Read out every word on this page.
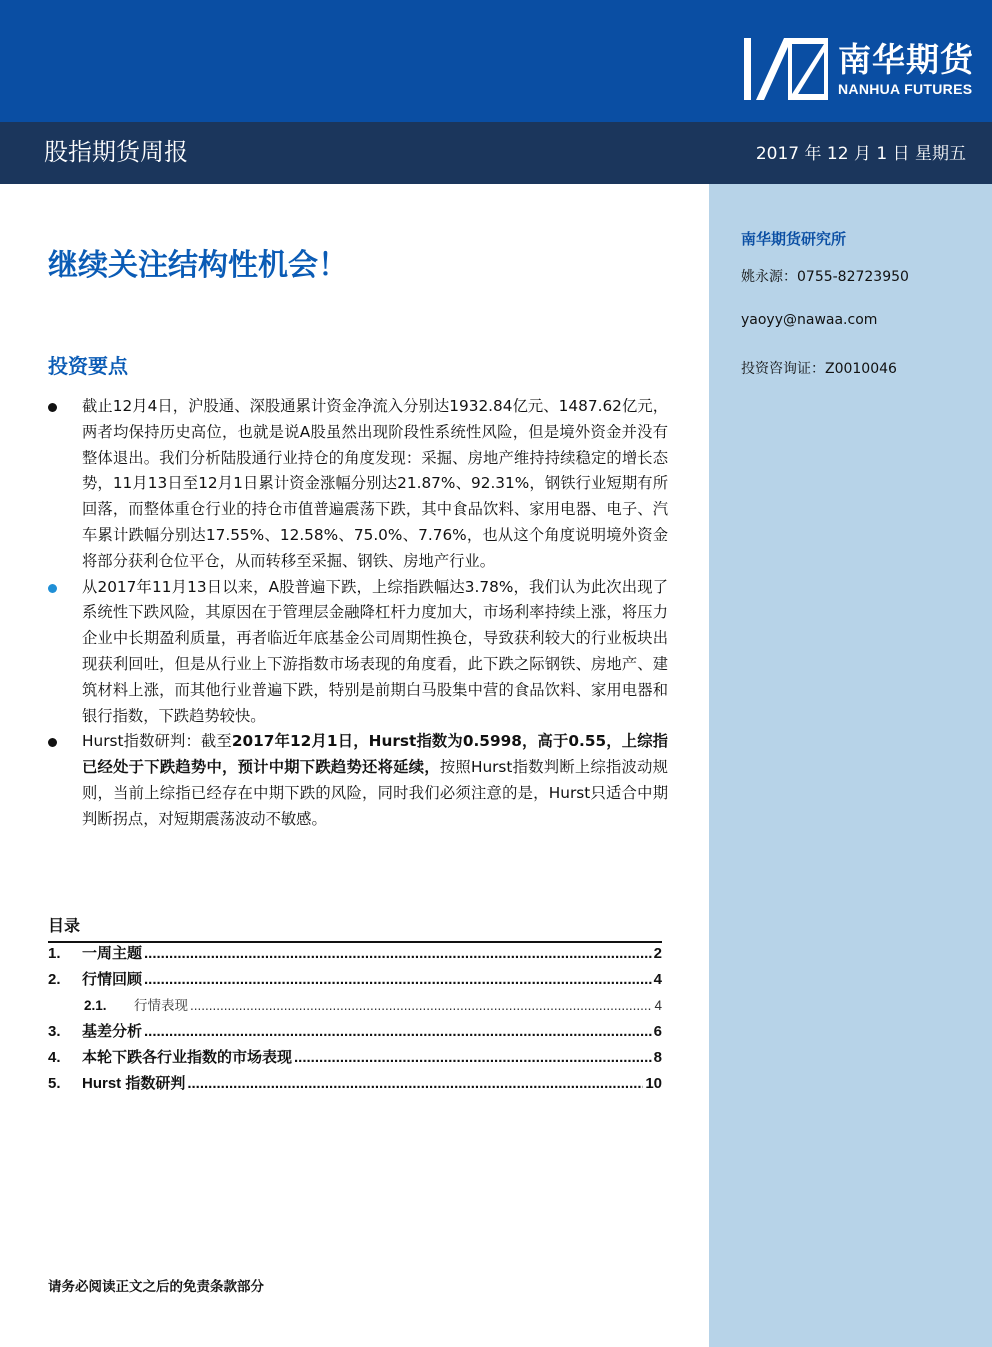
南华期货
NANHUA FUTURES
股指期货周报	2017 年 12 月 1 日 星期五
南华期货研究所
姚永源：0755-82723950
yaoyy@nawaa.com
投资咨询证：Z0010046
继续关注结构性机会！
投资要点

截止12月4日，沪股通、深股通累计资金净流入分别达1932.84亿元、1487.62亿元，两者均保持历史高位，也就是说A股虽然出现阶段性系统性风险，但是境外资金并没有整体退出。我们分析陆股通行业持仓的角度发现：采掘、房地产维持持续稳定的增长态势，11月13日至12月1日累计资金涨幅分别达21.87%、92.31%，钢铁行业短期有所回落，而整体重仓行业的持仓市值普遍震荡下跌，其中食品饮料、家用电器、电子、汽车累计跌幅分别达17.55%、12.58%、75.0%、7.76%，也从这个角度说明境外资金将部分获利仓位平仓，从而转移至采掘、钢铁、房地产行业。

从2017年11月13日以来，A股普遍下跌，上综指跌幅达3.78%，我们认为此次出现了系统性下跌风险，其原因在于管理层金融降杠杆力度加大，市场利率持续上涨，将压力企业中长期盈利质量，再者临近年底基金公司周期性换仓，导致获利较大的行业板块出现获利回吐，但是从行业上下游指数市场表现的角度看，此下跌之际钢铁、房地产、建筑材料上涨，而其他行业普遍下跌，特别是前期白马股集中营的食品饮料、家用电器和银行指数，下跌趋势较快。

Hurst指数研判：截至2017年12月1日，Hurst指数为0.5998，高于0.55，上综指已经处于下跌趋势中，预计中期下跌趋势还将延续，按照Hurst指数判断上综指波动规则，当前上综指已经存在中期下跌的风险，同时我们必须注意的是，Hurst只适合中期判断拐点，对短期震荡波动不敏感。

目录
1.	一周主题 .....	2
2.	行情回顾 .....	4
2.1.	行情表现 .....	4
3.	基差分析 .....	6
4.	本轮下跌各行业指数的市场表现 .....	8
5.	Hurst 指数研判 .....	10
请务必阅读正文之后的免责条款部分
